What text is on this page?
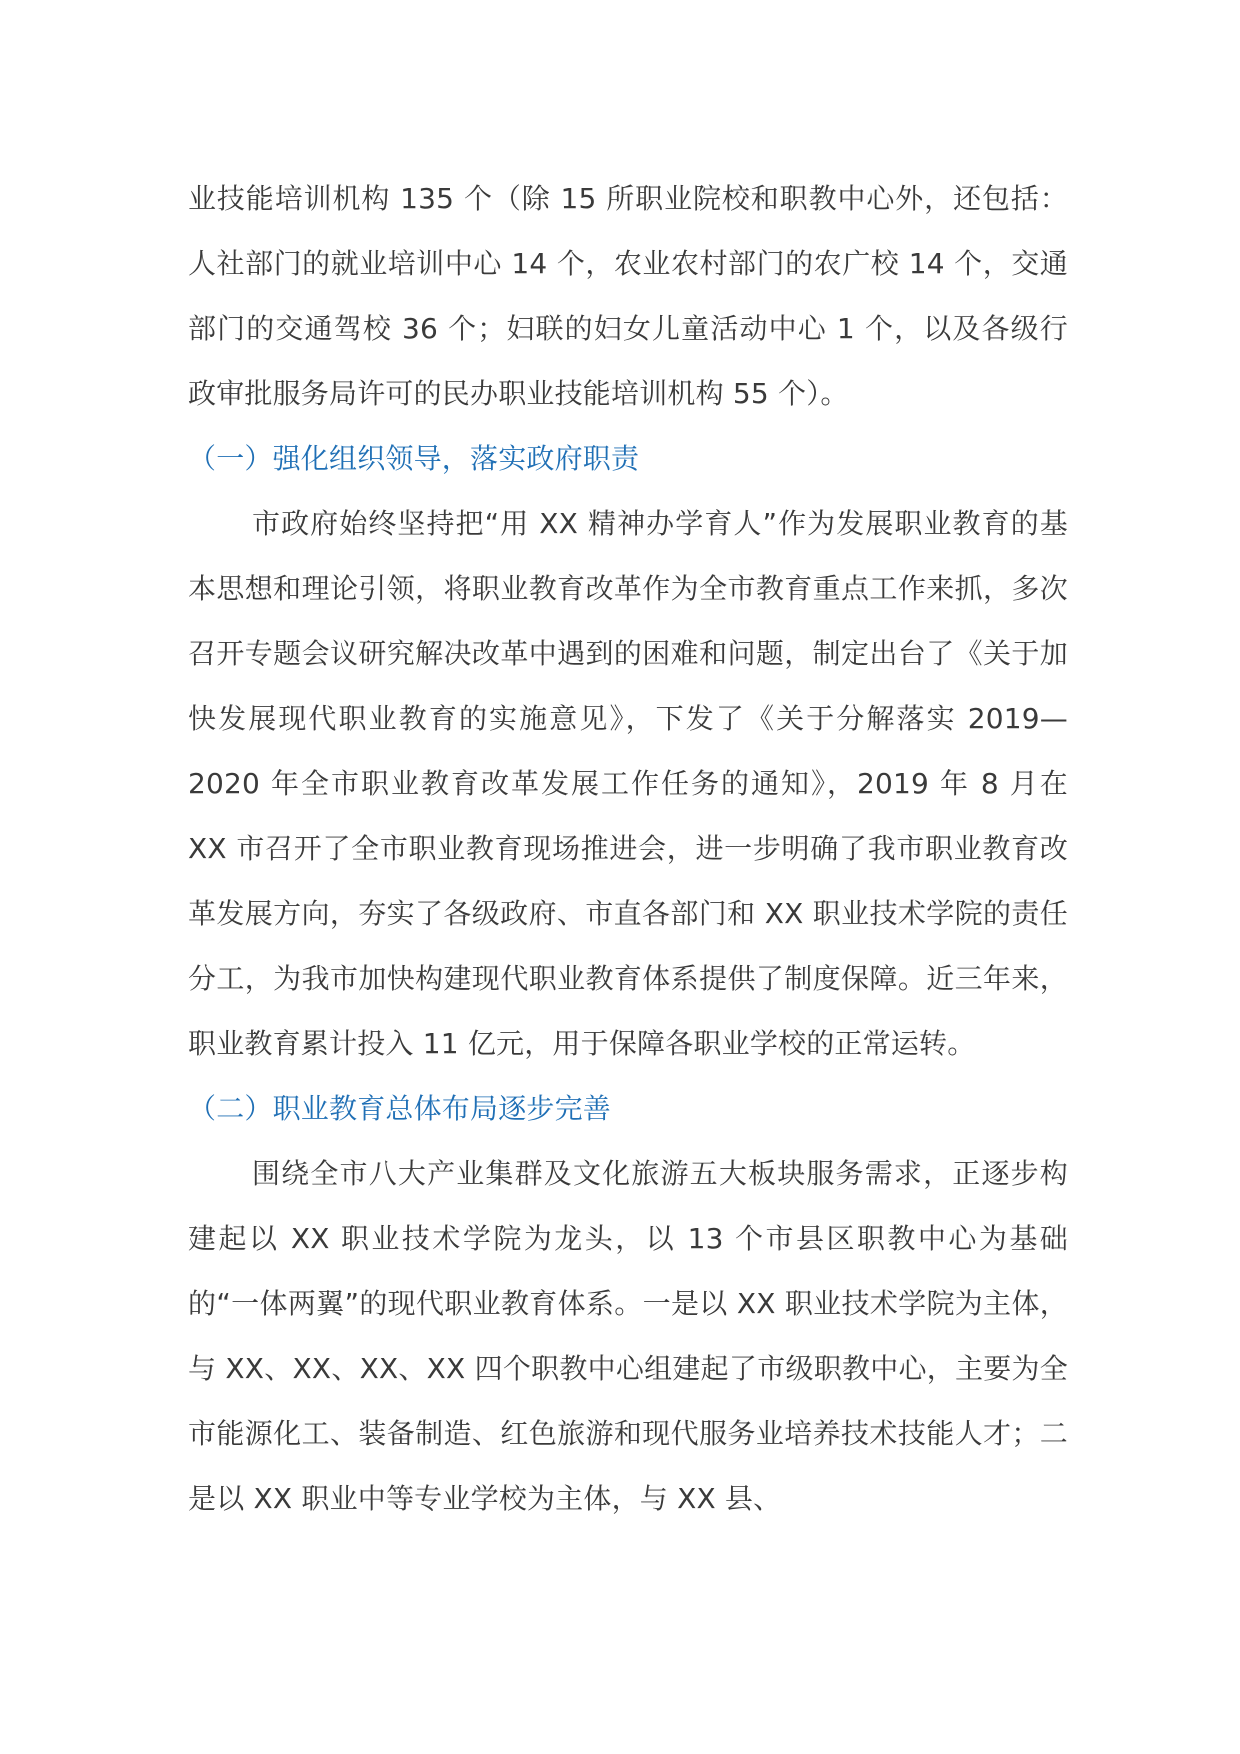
业技能培训机构 135 个（除 15 所职业院校和职教中心外，还包括：人社部门的就业培训中心 14 个，农业农村部门的农广校 14 个，交通部门的交通驾校 36 个；妇联的妇女儿童活动中心 1 个，以及各级行政审批服务局许可的民办职业技能培训机构 55 个）。

（一）强化组织领导，落实政府职责

市政府始终坚持把“用 XX 精神办学育人”作为发展职业教育的基本思想和理论引领，将职业教育改革作为全市教育重点工作来抓，多次召开专题会议研究解决改革中遇到的困难和问题，制定出台了《关于加快发展现代职业教育的实施意见》，下发了《关于分解落实 2019—2020 年全市职业教育改革发展工作任务的通知》，2019 年 8 月在 XX 市召开了全市职业教育现场推进会，进一步明确了我市职业教育改革发展方向，夯实了各级政府、市直各部门和 XX 职业技术学院的责任分工，为我市加快构建现代职业教育体系提供了制度保障。近三年来，职业教育累计投入 11 亿元，用于保障各职业学校的正常运转。

（二）职业教育总体布局逐步完善

围绕全市八大产业集群及文化旅游五大板块服务需求，正逐步构建起以 XX 职业技术学院为龙头，以 13 个市县区职教中心为基础的“一体两翼”的现代职业教育体系。一是以 XX 职业技术学院为主体，与 XX、XX、XX、XX 四个职教中心组建起了市级职教中心，主要为全市能源化工、装备制造、红色旅游和现代服务业培养技术技能人才；二是以 XX 职业中等专业学校为主体，与 XX 县、
